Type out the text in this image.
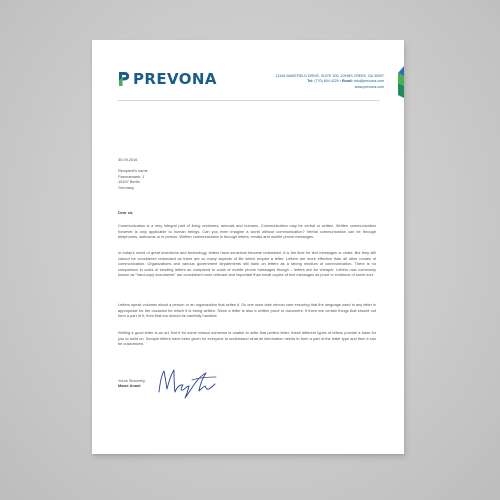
PREVONA	11345 WAKEFIELD DRIVE, SUITE 300, JOHNS CREEK, GA 30097
Tel: (770) 804 4229 • Email: info@prevona.com
www.prevona.com
30.09.2016
Recipient's name
Panoramastr. 1
10407 Berlin
Germany
Dear sir,
Communication is a very integral part of living creatures, animals and humans. Communication may be verbal or written. Written communication however is only applicable to human beings. Can you even imagine a world without communication? Verbal communication can be through telephones, webcams or in person. Written communication is through letters, emails and mobile phone messages.
In today's world of great inventions and technology, letters have somehow become redundant. It is the time for text messages or chats. But they still cannot be considered redundant as there are so many aspects of life which require a letter. Letters are more effective than all other modes of communication. Organizations and various government departments still bank on letters as a strong medium of communication. There is no comparison in costs of sending letters as compared to costs of mobile phone messages though – letters are far cheaper. Letters now commonly known as "hard-copy documents" are considered more relevant and important than email copies of text messages as proof or evidence of some sort.
Letters speak volumes about a person or an organization that writes it. So one must take utmost care ensuring that the language used in any letter is appropriate for the occasion for which it is being written. Since a letter is also a written proof or document, if there are certain things that should not form a part of it, then that too should be carefully handled.
Writing a good letter is an art. But if for some reason someone is unable to write that perfect letter, these different types of letters provide a base for you to build on. Sample letters have been given for everyone to understand what all information needs to form a part of the letter type and then it can be customized.
Yours Sincerely,
Mawe Anant
